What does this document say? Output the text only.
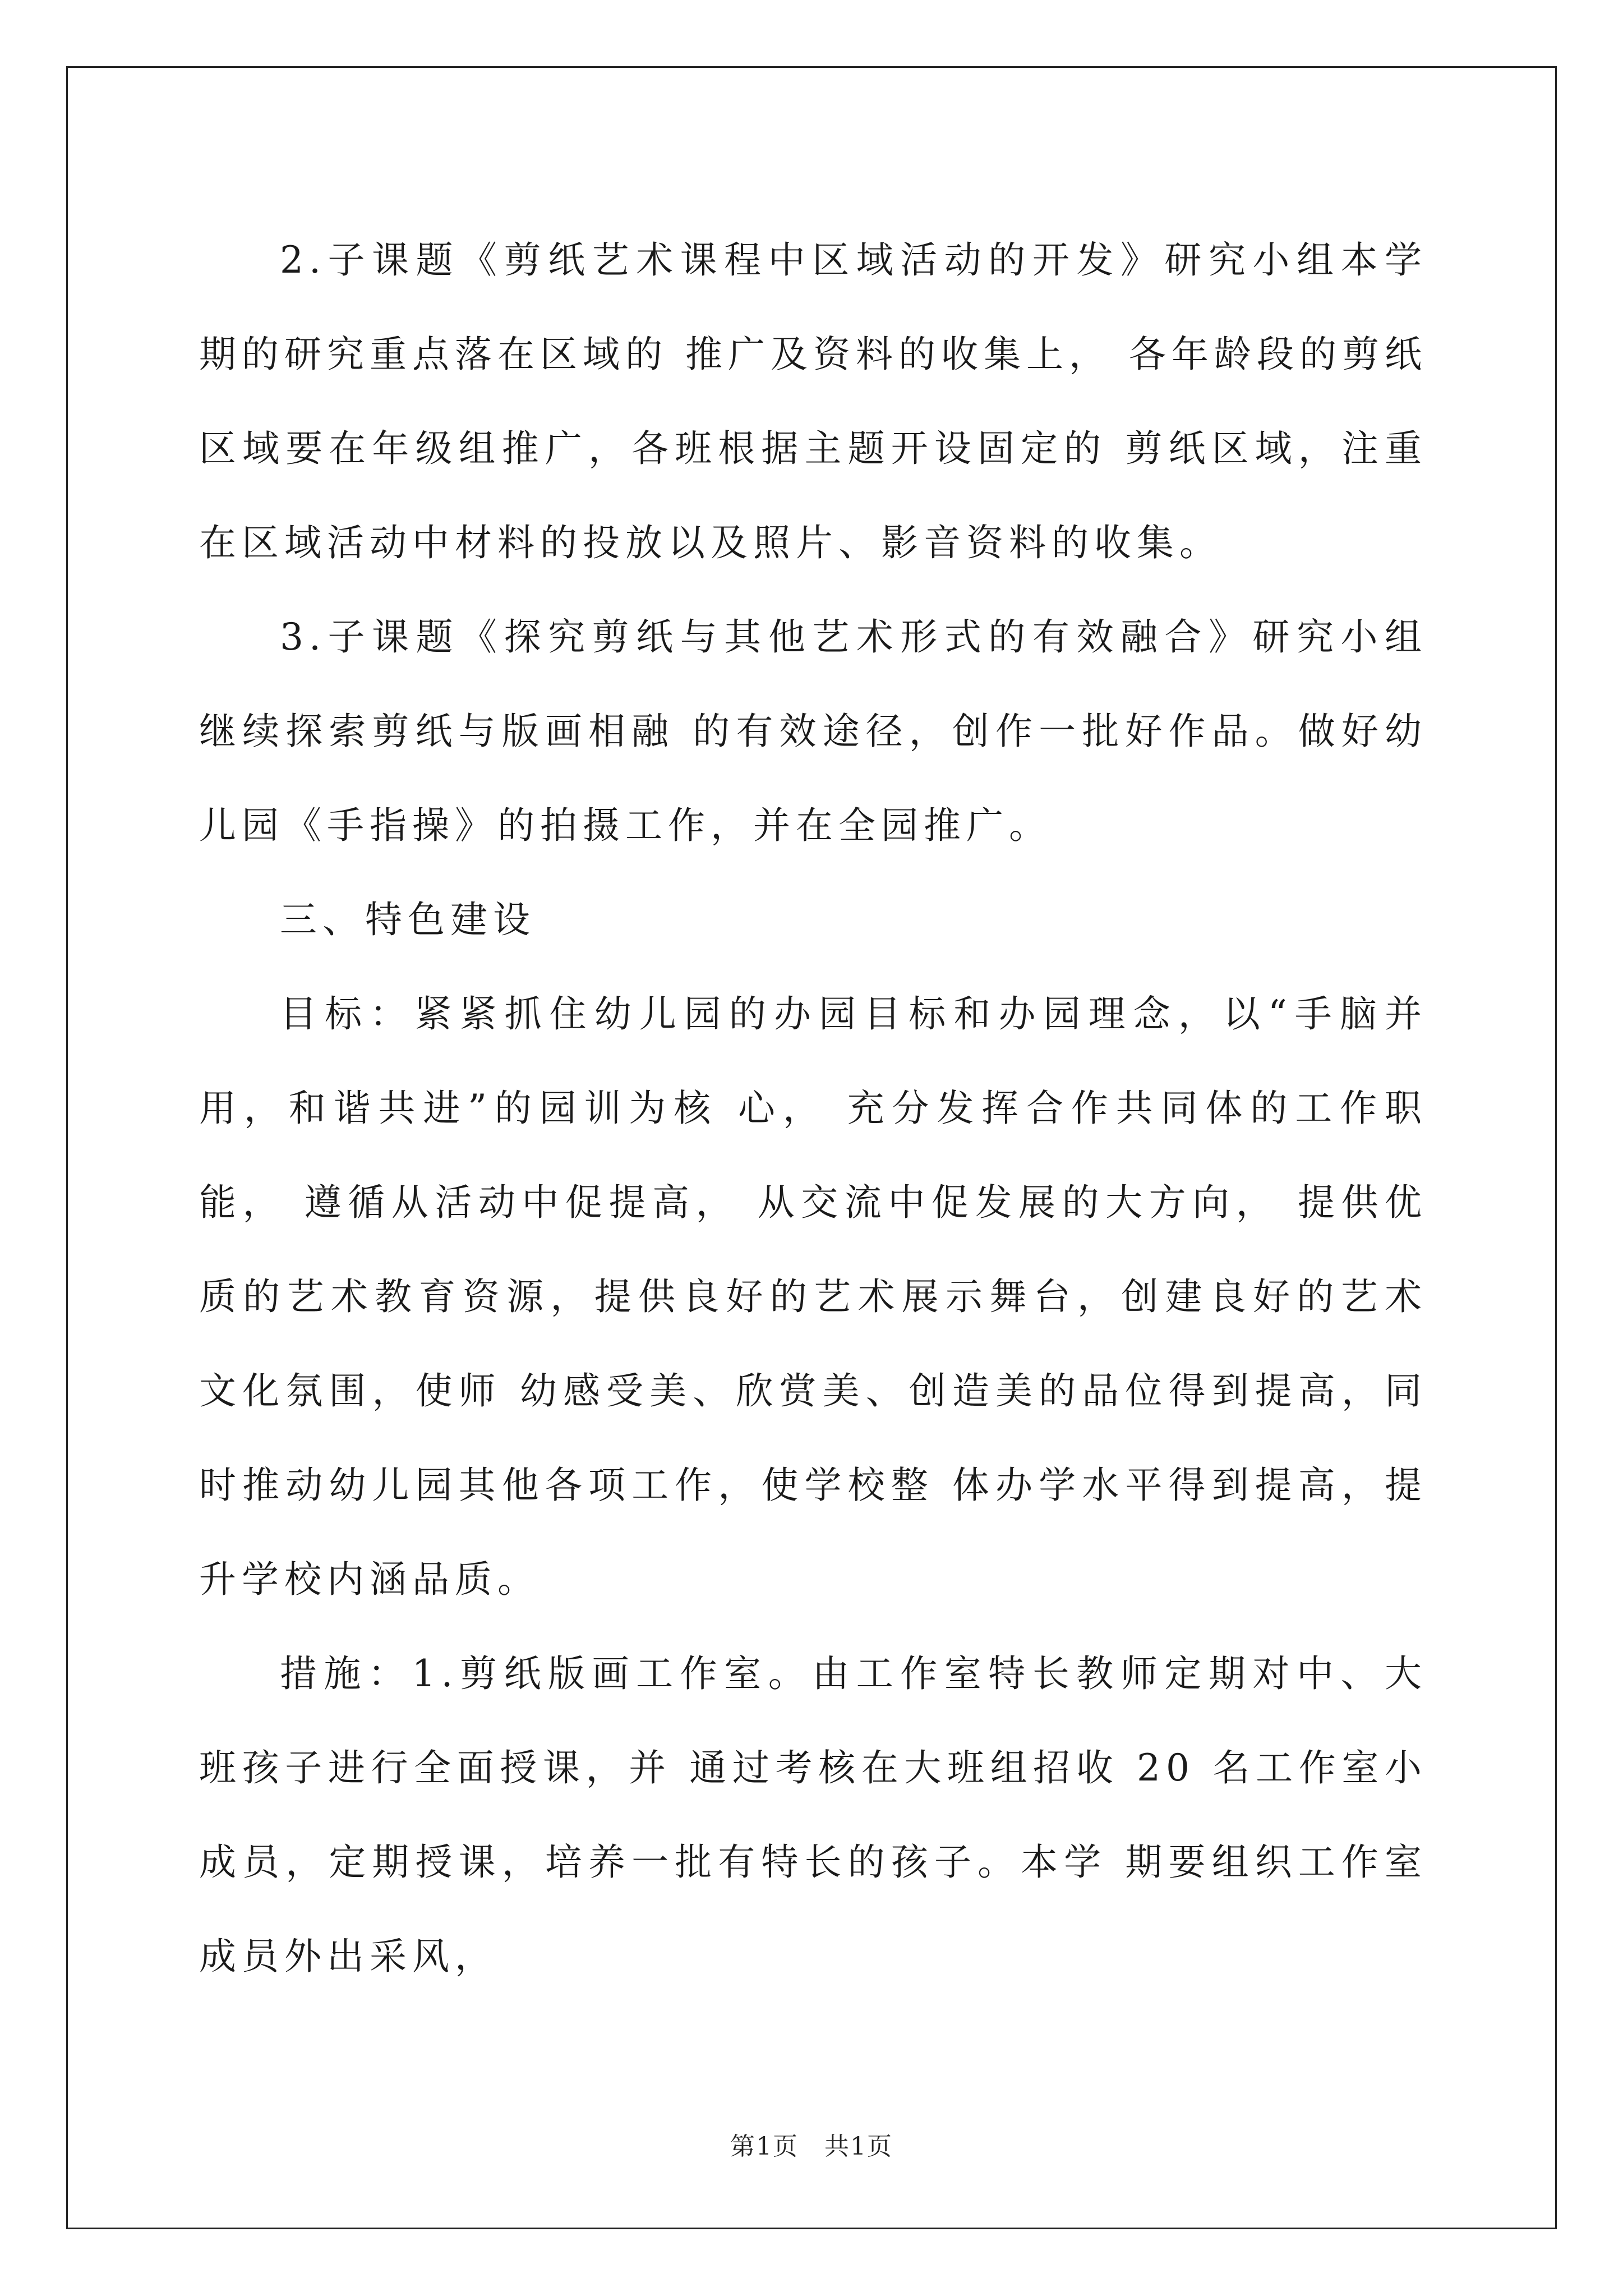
2.子课题《剪纸艺术课程中区域活动的开发》研究小组本学期的研究重点落在区域的 推广及资料的收集上， 各年龄段的剪纸区域要在年级组推广，各班根据主题开设固定的 剪纸区域，注重在区域活动中材料的投放以及照片、影音资料的收集。

3.子课题《探究剪纸与其他艺术形式的有效融合》研究小组继续探索剪纸与版画相融 的有效途径，创作一批好作品。做好幼儿园《手指操》的拍摄工作，并在全园推广。

三、特色建设

目标：紧紧抓住幼儿园的办园目标和办园理念，以“手脑并用，和谐共进”的园训为核 心， 充分发挥合作共同体的工作职能， 遵循从活动中促提高， 从交流中促发展的大方向， 提供优质的艺术教育资源，提供良好的艺术展示舞台，创建良好的艺术文化氛围，使师 幼感受美、欣赏美、创造美的品位得到提高，同时推动幼儿园其他各项工作，使学校整 体办学水平得到提高，提升学校内涵品质。

措施：1.剪纸版画工作室。由工作室特长教师定期对中、大班孩子进行全面授课，并 通过考核在大班组招收 20 名工作室小成员，定期授课，培养一批有特长的孩子。本学 期要组织工作室成员外出采风，

第1页　共1页
